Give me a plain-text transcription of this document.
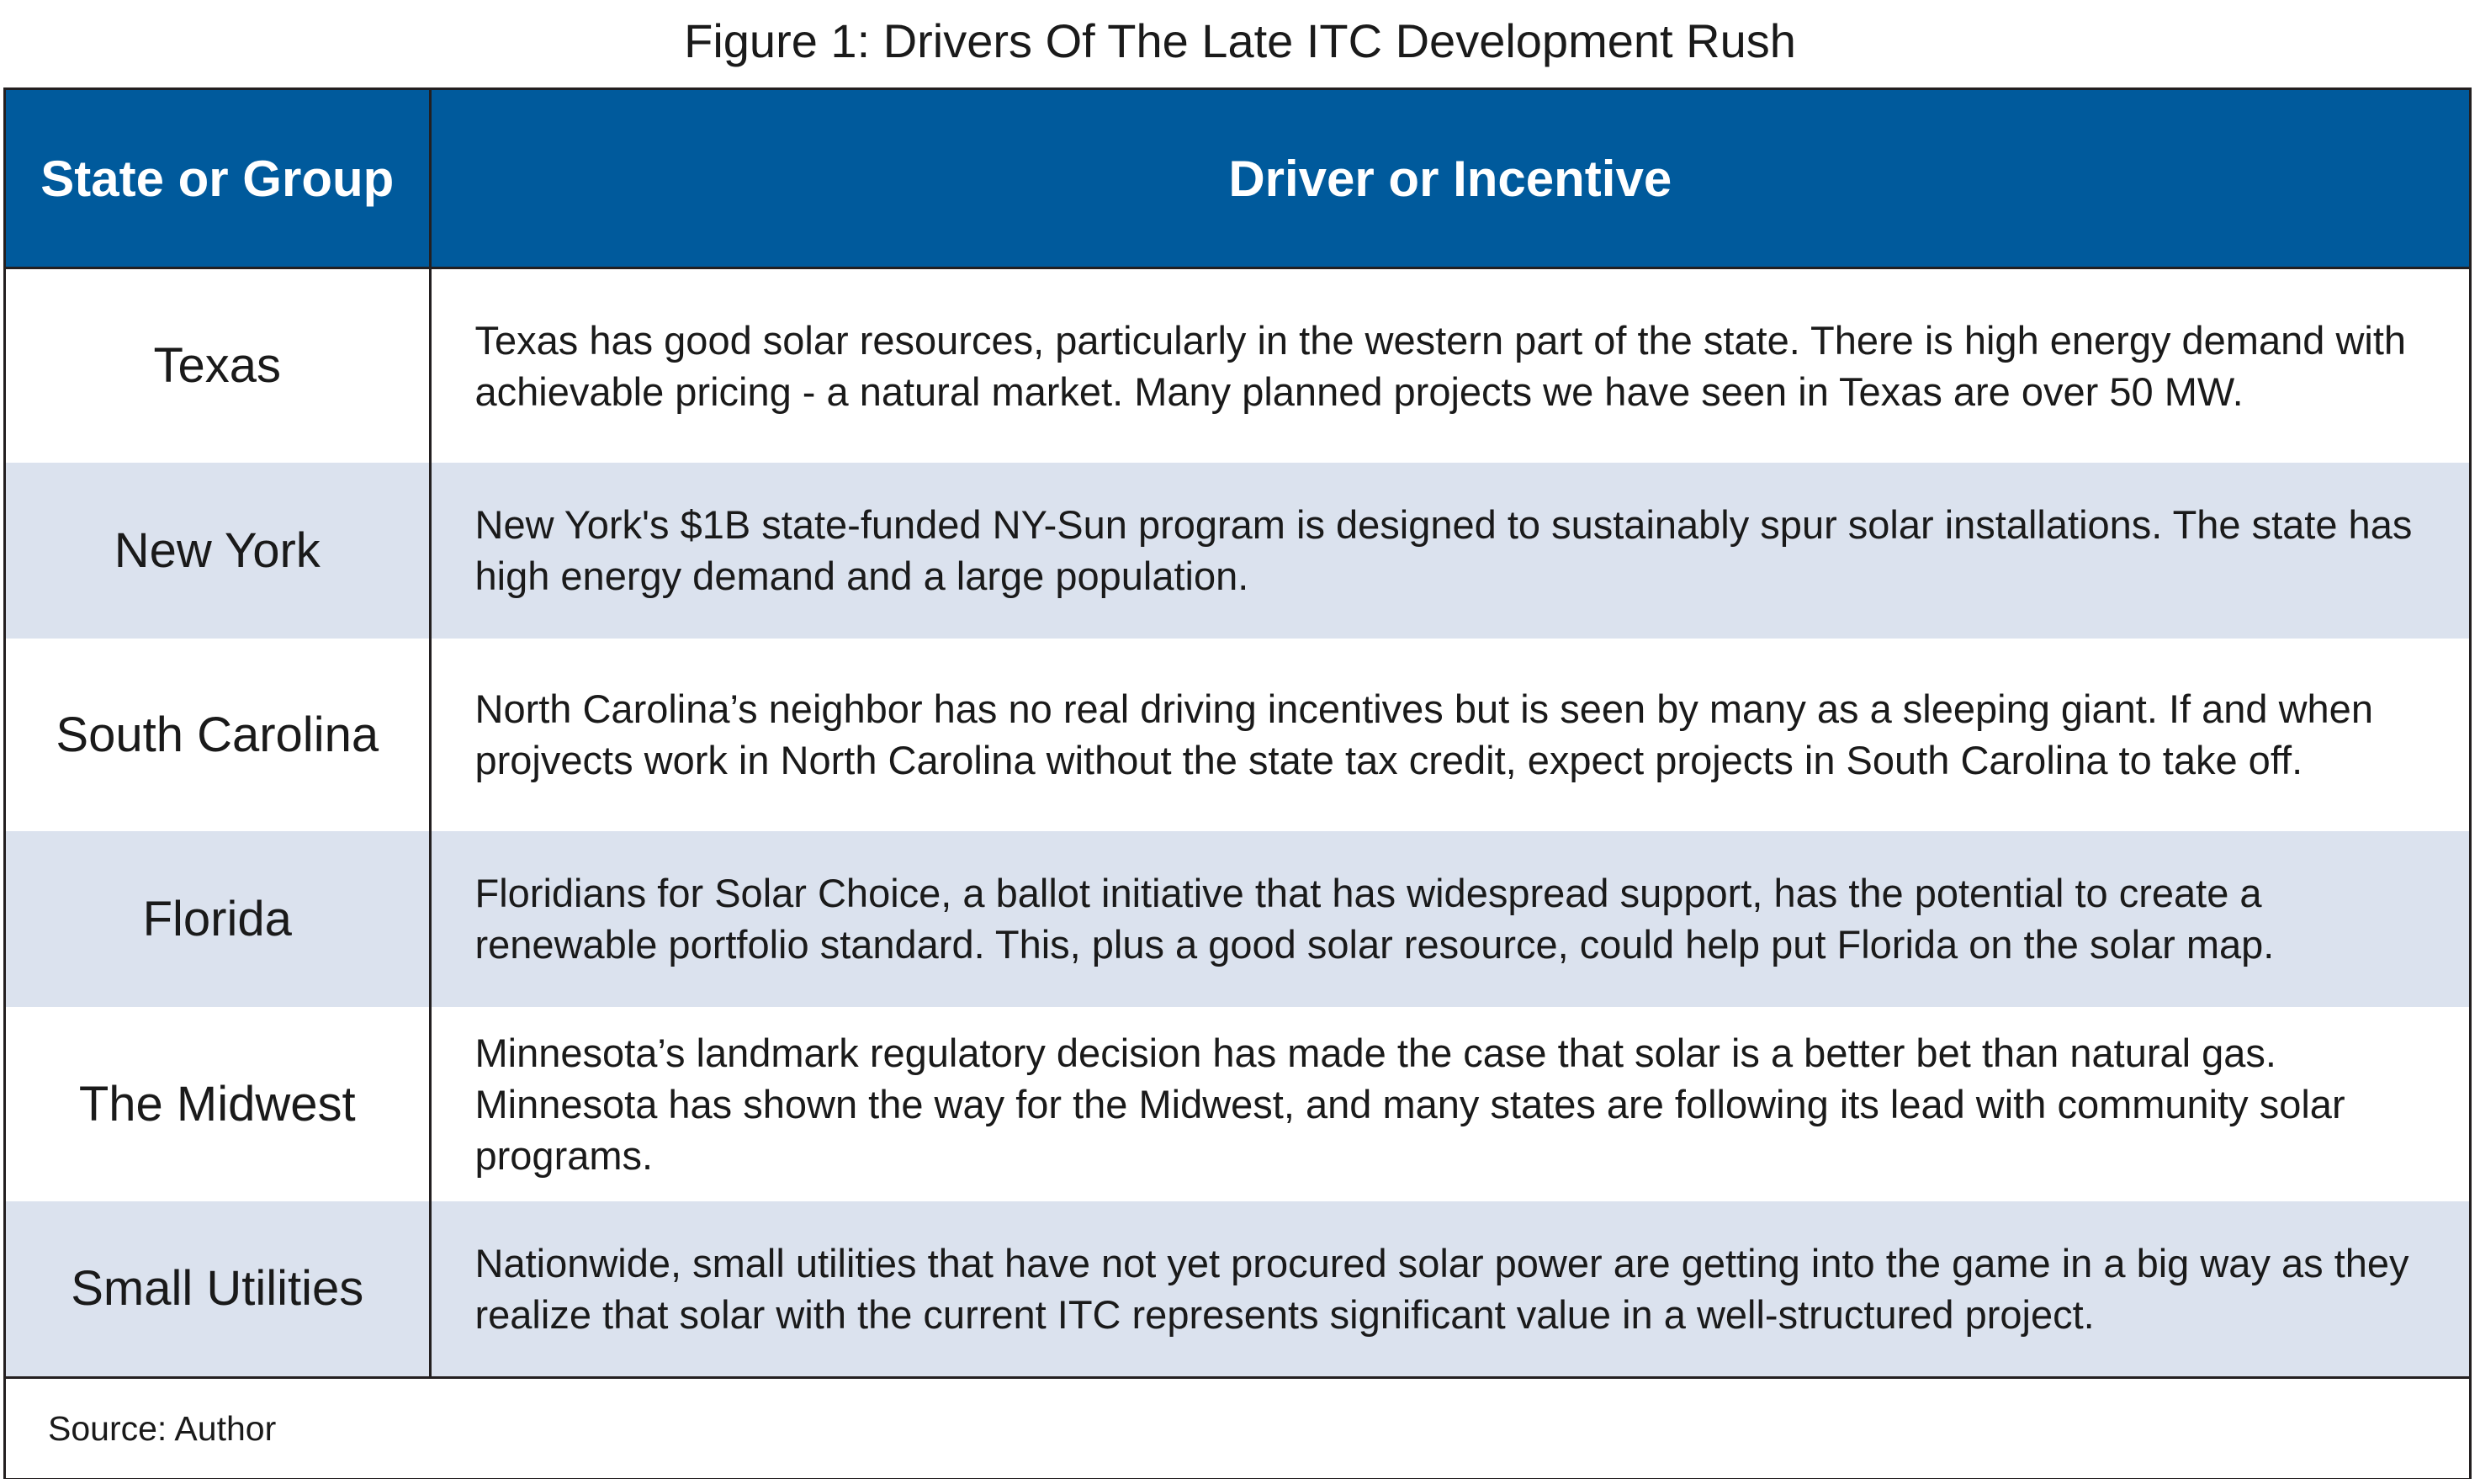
Figure 1: Drivers Of The Late ITC Development Rush
State or Group	Driver or Incentive
Texas	Texas has good solar resources, particularly in the western part of the state. There is high energy demand with achievable pricing - a natural market. Many planned projects we have seen in Texas are over 50 MW.
New York	New York's $1B state-funded NY-Sun program is designed to sustainably spur solar installations. The state has high energy demand and a large population.
South Carolina	North Carolina’s neighbor has no real driving incentives but is seen by many as a sleeping giant. If and when projvects work in North Carolina without the state tax credit, expect projects in South Carolina to take off.
Florida	Floridians for Solar Choice, a ballot initiative that has widespread support, has the potential to create a renewable portfolio standard. This, plus a good solar resource, could help put Florida on the solar map.
The Midwest	Minnesota’s landmark regulatory decision has made the case that solar is a better bet than natural gas. Minnesota has shown the way for the Midwest, and many states are following its lead with community solar programs.
Small Utilities	Nationwide, small utilities that have not yet procured solar power are getting into the game in a big way as they realize that solar with the current ITC represents significant value in a well-structured project.
Source: Author	
